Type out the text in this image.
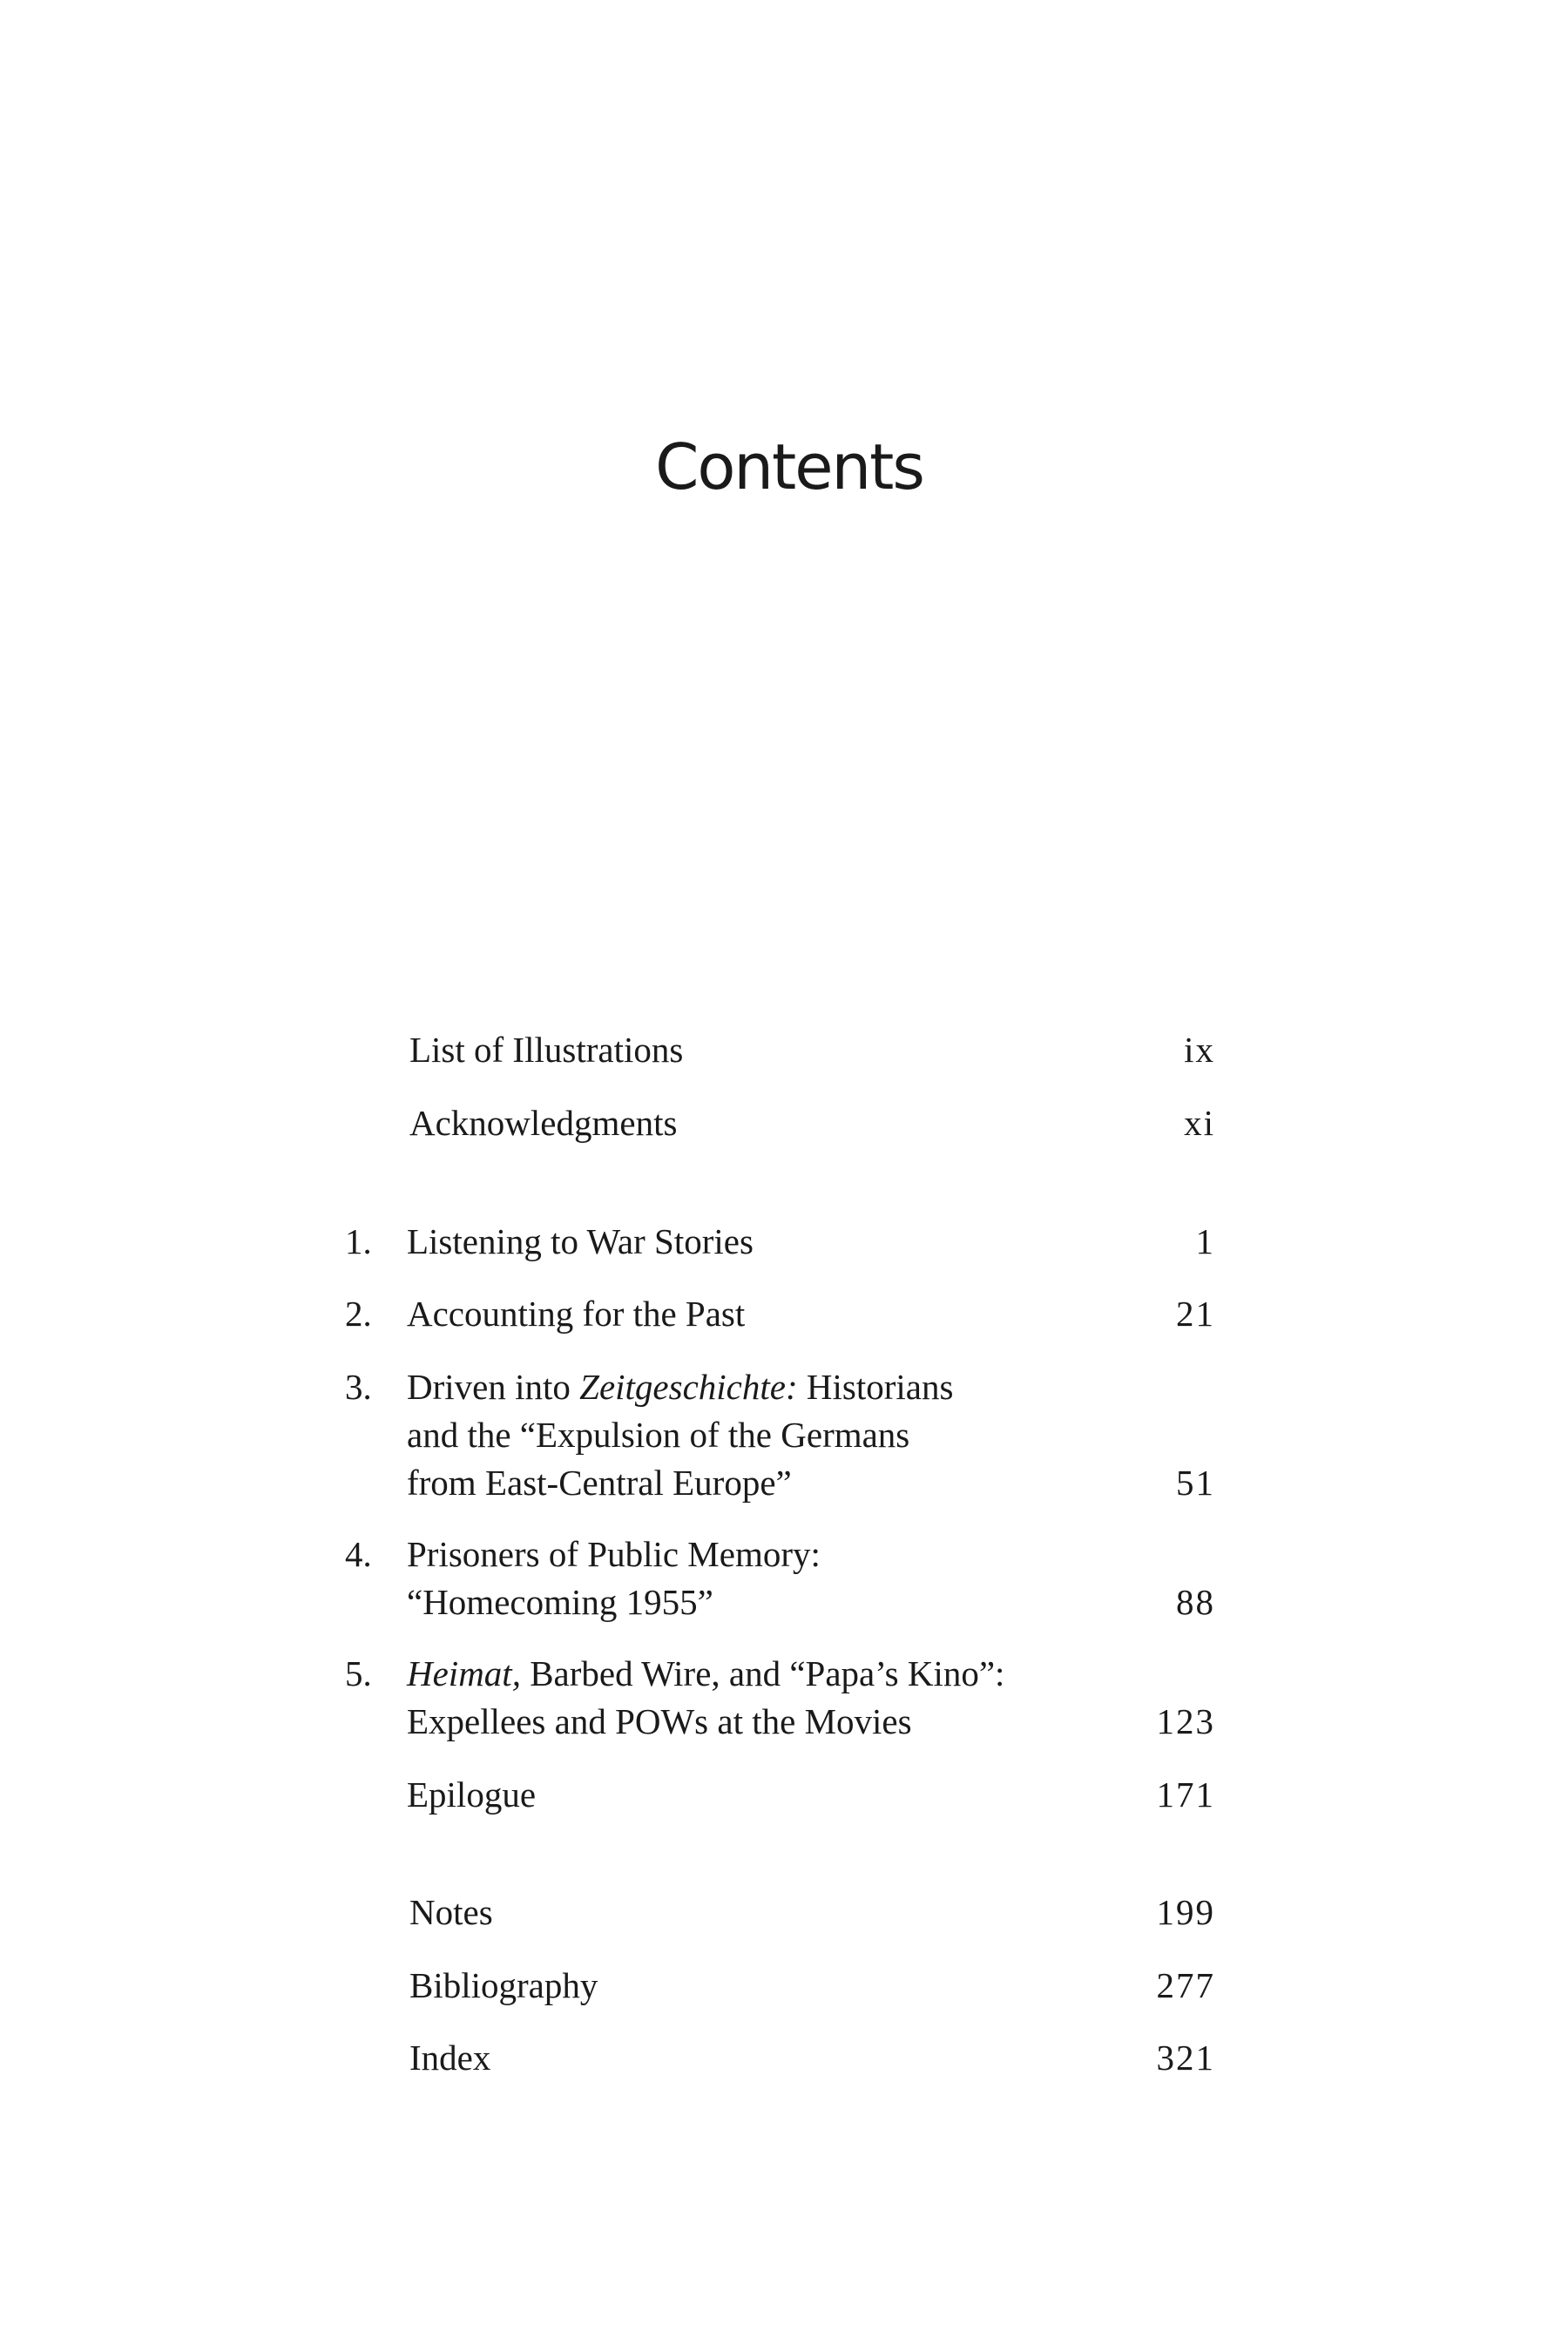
Contents
List of Illustrations	ix
Acknowledgments	xi
1. Listening to War Stories	1
2. Accounting for the Past	21
3. Driven into Zeitgeschichte: Historians
and the “Expulsion of the Germans
from East-Central Europe”	51
4. Prisoners of Public Memory:
“Homecoming 1955”	88
5. Heimat, Barbed Wire, and “Papa’s Kino”:
Expellees and POWs at the Movies	123
Epilogue	171
Notes	199
Bibliography	277
Index	321
